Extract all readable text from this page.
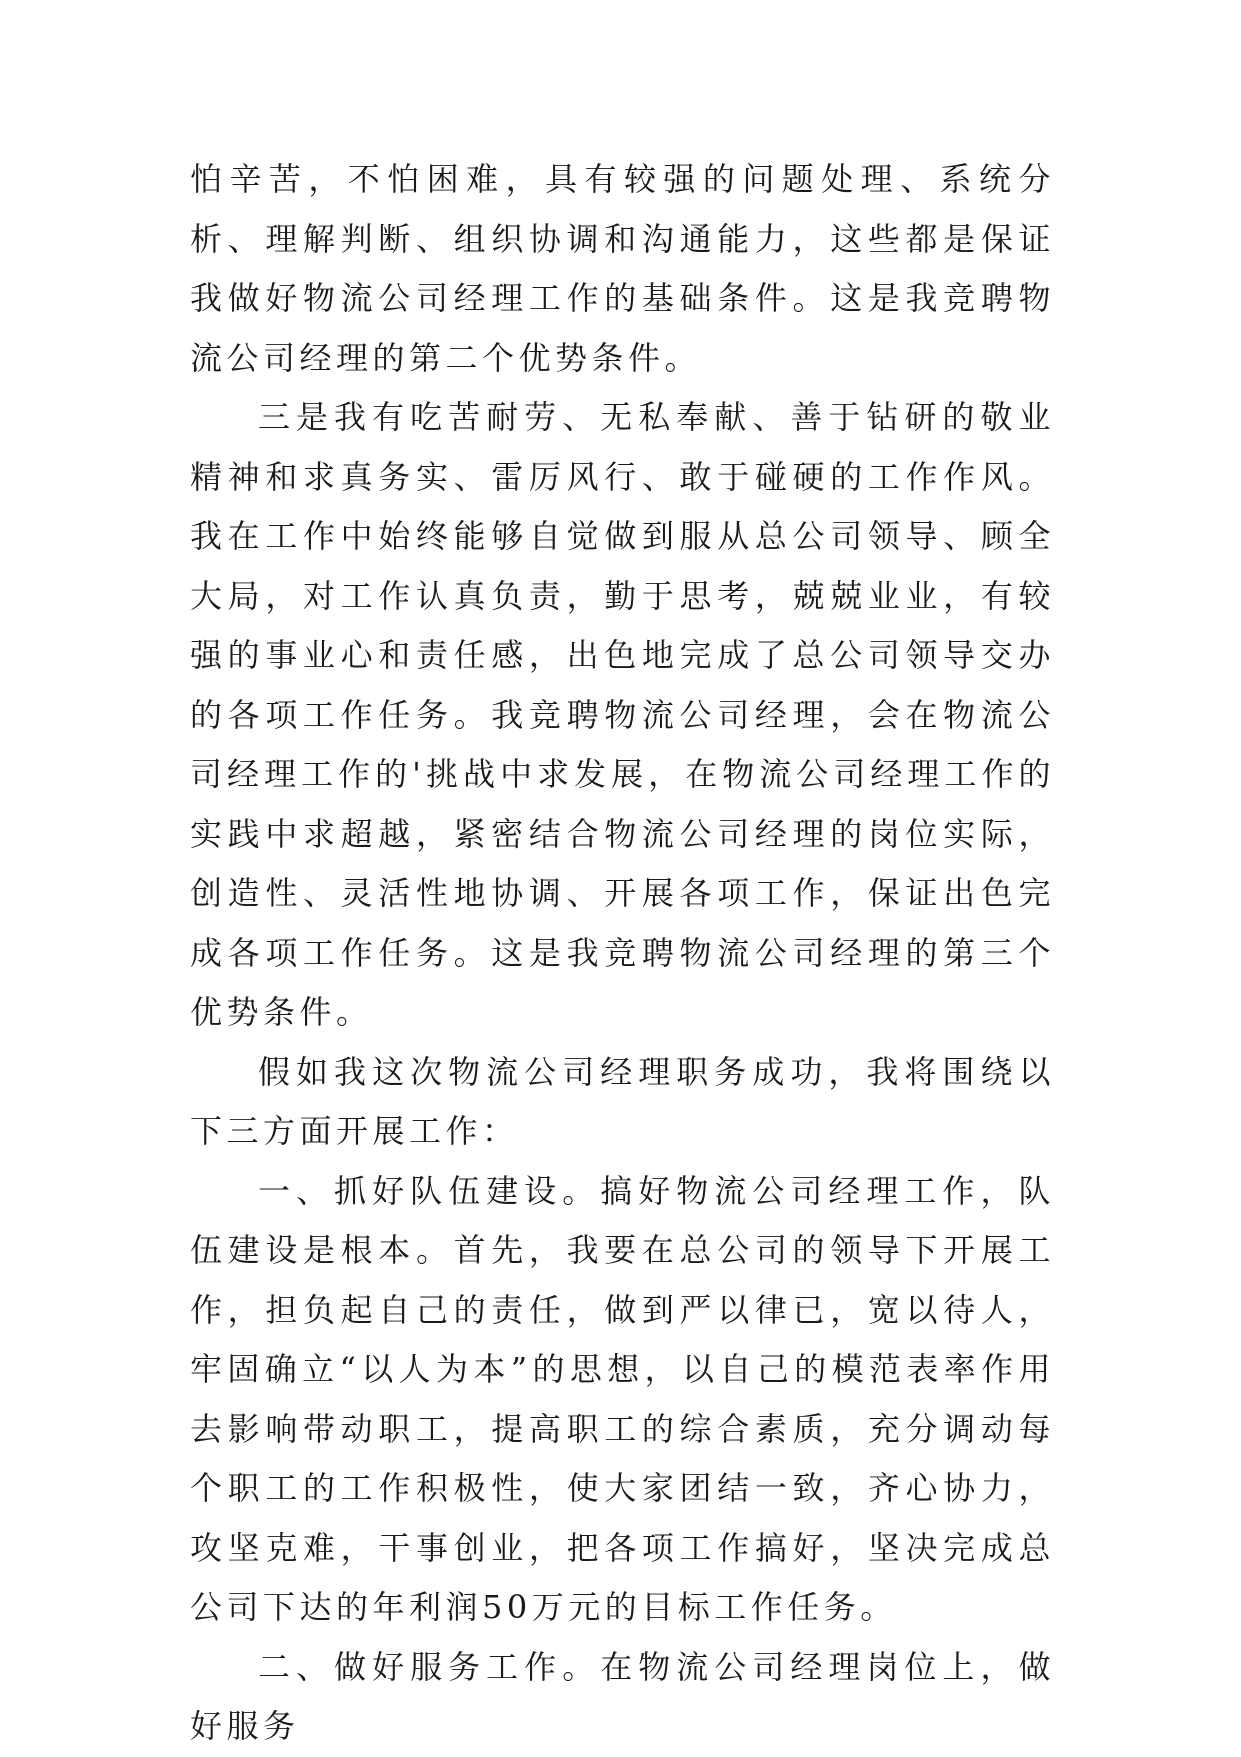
怕辛苦，不怕困难，具有较强的问题处理、系统分析、理解判断、组织协调和沟通能力，这些都是保证我做好物流公司经理工作的基础条件。这是我竞聘物流公司经理的第二个优势条件。

三是我有吃苦耐劳、无私奉献、善于钻研的敬业精神和求真务实、雷厉风行、敢于碰硬的工作作风。我在工作中始终能够自觉做到服从总公司领导、顾全大局，对工作认真负责，勤于思考，兢兢业业，有较强的事业心和责任感，出色地完成了总公司领导交办的各项工作任务。我竞聘物流公司经理，会在物流公司经理工作的'挑战中求发展，在物流公司经理工作的实践中求超越，紧密结合物流公司经理的岗位实际，创造性、灵活性地协调、开展各项工作，保证出色完成各项工作任务。这是我竞聘物流公司经理的第三个优势条件。

假如我这次物流公司经理职务成功，我将围绕以下三方面开展工作：

一、抓好队伍建设。搞好物流公司经理工作，队伍建设是根本。首先，我要在总公司的领导下开展工作，担负起自己的责任，做到严以律已，宽以待人，牢固确立“以人为本”的思想，以自己的模范表率作用去影响带动职工，提高职工的综合素质，充分调动每个职工的工作积极性，使大家团结一致，齐心协力，攻坚克难，干事创业，把各项工作搞好，坚决完成总公司下达的年利润50万元的目标工作任务。

二、做好服务工作。在物流公司经理岗位上，做好服务
